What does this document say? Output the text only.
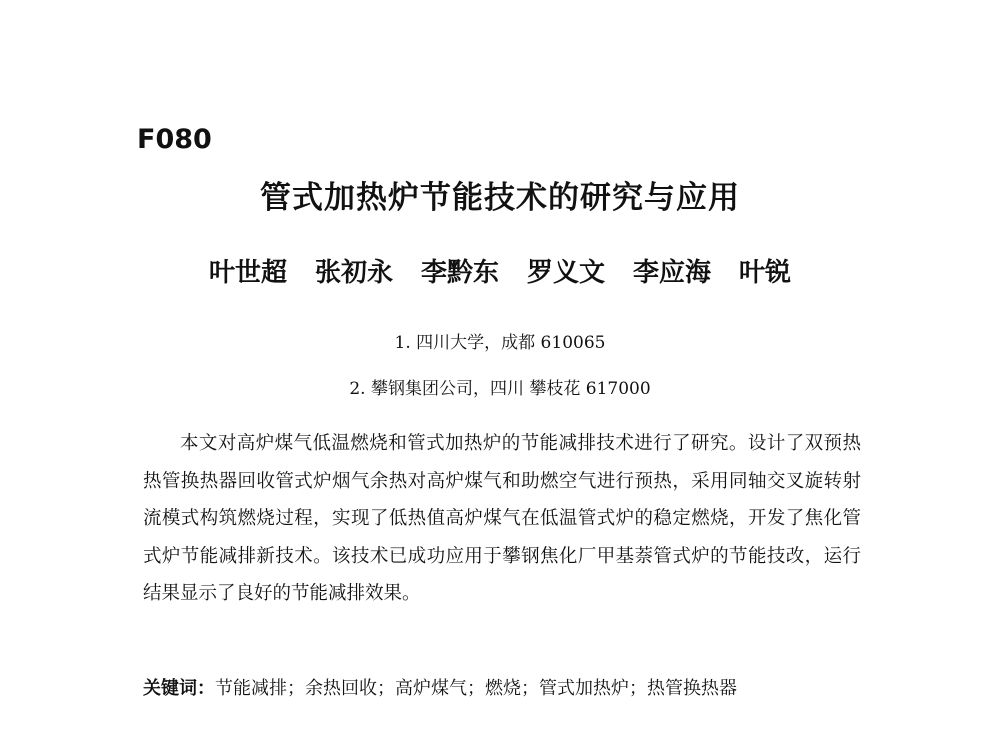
F080
管式加热炉节能技术的研究与应用
叶世超 张初永 李黔东 罗义文 李应海 叶锐
1. 四川大学，成都 610065
2. 攀钢集团公司，四川 攀枝花 617000

本文对高炉煤气低温燃烧和管式加热炉的节能减排技术进行了研究。设计了双预热热管换热器回收管式炉烟气余热对高炉煤气和助燃空气进行预热，采用同轴交叉旋转射流模式构筑燃烧过程，实现了低热值高炉煤气在低温管式炉的稳定燃烧，开发了焦化管式炉节能减排新技术。该技术已成功应用于攀钢焦化厂甲基萘管式炉的节能技改，运行结果显示了良好的节能减排效果。

关键词：节能减排；余热回收；高炉煤气；燃烧；管式加热炉；热管换热器
